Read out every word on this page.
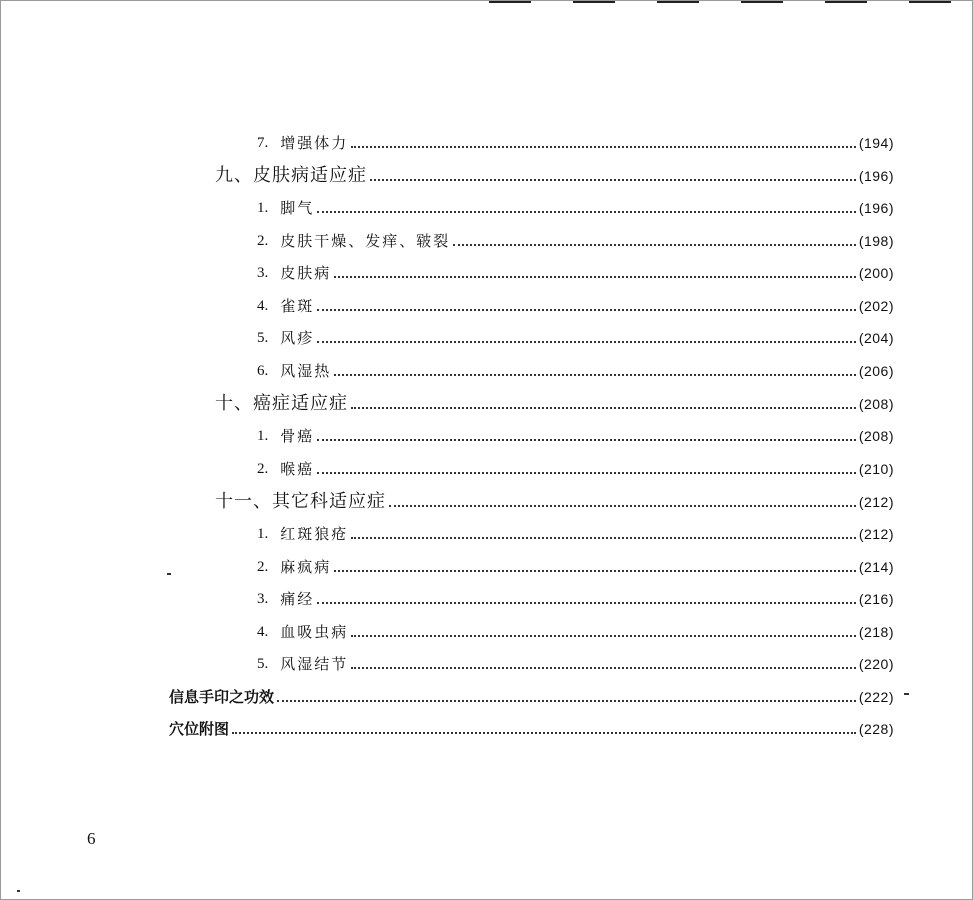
7. 增强体力	(194)
九、皮肤病适应症	(196)
1. 脚气	(196)
2. 皮肤干燥、发痒、皲裂	(198)
3. 皮肤病	(200)
4. 雀斑	(202)
5. 风疹	(204)
6. 风湿热	(206)
十、癌症适应症	(208)
1. 骨癌	(208)
2. 喉癌	(210)
十一、其它科适应症	(212)
1. 红斑狼疮	(212)
2. 麻疯病	(214)
3. 痛经	(216)
4. 血吸虫病	(218)
5. 风湿结节	(220)
信息手印之功效	(222)
穴位附图	(228)
6
